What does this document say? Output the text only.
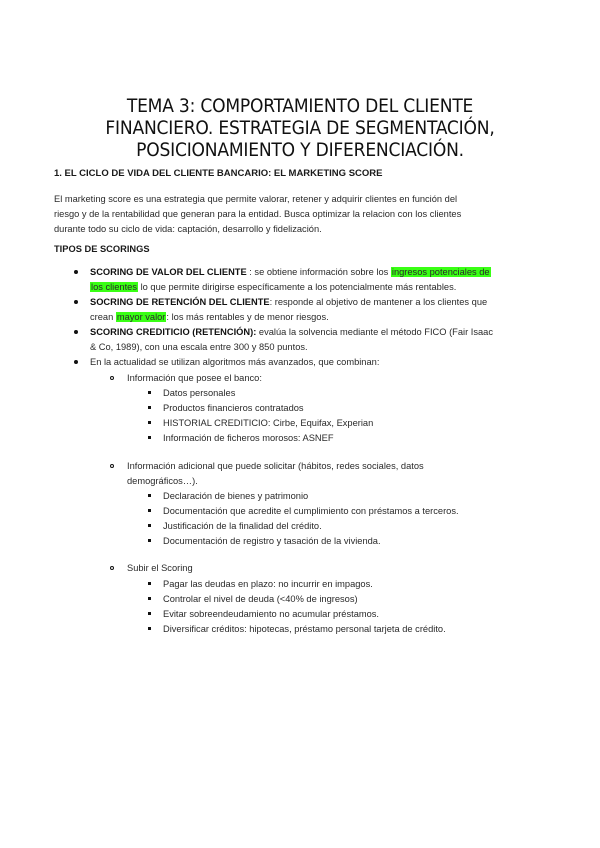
TEMA 3: COMPORTAMIENTO DEL CLIENTE
FINANCIERO. ESTRATEGIA DE SEGMENTACIÓN,
POSICIONAMIENTO Y DIFERENCIACIÓN.
1. EL CICLO DE VIDA DEL CLIENTE BANCARIO: EL MARKETING SCORE
El marketing score es una estrategia que permite valorar, retener y adquirir clientes en función del
riesgo y de la rentabilidad que generan para la entidad. Busca optimizar la relacion con los clientes
durante todo su ciclo de vida: captación, desarrollo y fidelización.
TIPOS DE SCORINGS
SCORING DE VALOR DEL CLIENTE : se obtiene información sobre los ingresos potenciales de
los clientes lo que permite dirigirse específicamente a los potencialmente más rentables.
SOCRING DE RETENCIÓN DEL CLIENTE: responde al objetivo de mantener a los clientes que
crean mayor valor: los más rentables y de menor riesgos.
SCORING CREDITICIO (RETENCIÓN): evalúa la solvencia mediante el método FICO (Fair Isaac
& Co, 1989), con una escala entre 300 y 850 puntos.
En la actualidad se utilizan algoritmos más avanzados, que combinan:
Información que posee el banco:
Datos personales
Productos financieros contratados
HISTORIAL CREDITICIO: Cirbe, Equifax, Experian
Información de ficheros morosos: ASNEF
Información adicional que puede solicitar (hábitos, redes sociales, datos
demográficos…).
Declaración de bienes y patrimonio
Documentación que acredite el cumplimiento con préstamos a terceros.
Justificación de la finalidad del crédito.
Documentación de registro y tasación de la vivienda.
Subir el Scoring
Pagar las deudas en plazo: no incurrir en impagos.
Controlar el nivel de deuda (<40% de ingresos)
Evitar sobreendeudamiento no acumular préstamos.
Diversificar créditos: hipotecas, préstamo personal tarjeta de crédito.
